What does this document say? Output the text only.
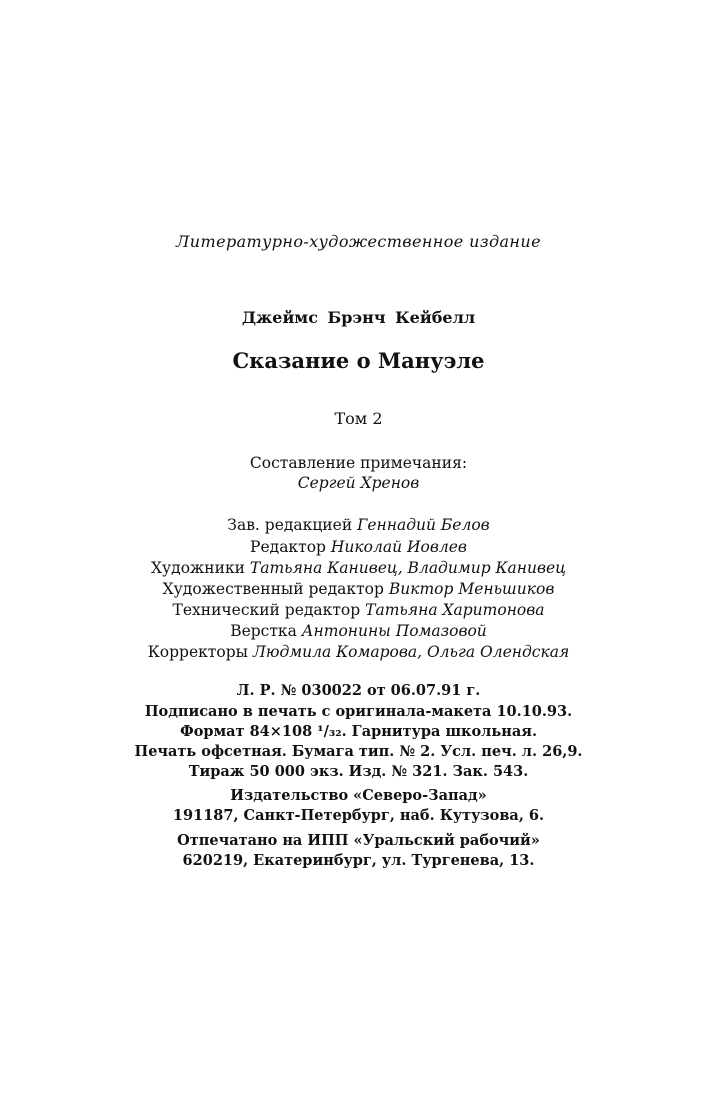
Литературно-художественное издание
Джеймс Брэнч Кейбелл
Сказание о Мануэле
Том 2
Составление примечания:
Сергей Хренов
Зав. редакцией Геннадий Белов
Редактор Николай Иовлев
Художники Татьяна Канивец, Владимир Канивец
Художественный редактор Виктор Меньшиков
Технический редактор Татьяна Харитонова
Верстка Антонины Помазовой
Корректоры Людмила Комарова, Ольга Олендская
Л. Р. № 030022 от 06.07.91 г.
Подписано в печать с оригинала-макета 10.10.93.
Формат 84×108 ¹/₃₂. Гарнитура школьная.
Печать офсетная. Бумага тип. № 2. Усл. печ. л. 26,9.
Тираж 50 000 экз. Изд. № 321. Зак. 543.
Издательство «Северо-Запад»
191187, Санкт-Петербург, наб. Кутузова, 6.
Отпечатано на ИПП «Уральский рабочий»
620219, Екатеринбург, ул. Тургенева, 13.
